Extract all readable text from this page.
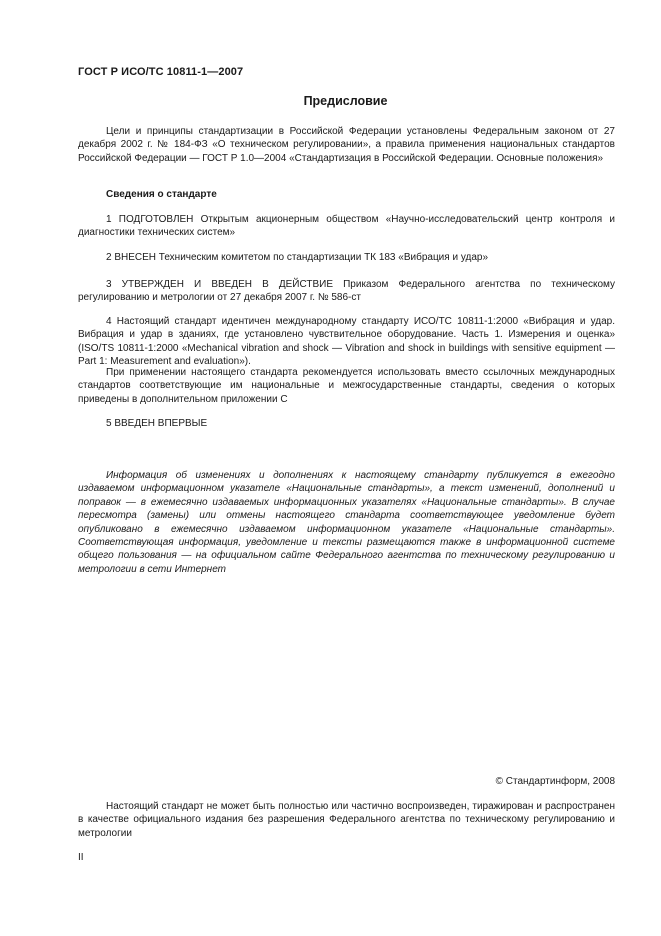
ГОСТ Р ИСО/ТС 10811-1—2007
Предисловие

Цели и принципы стандартизации в Российской Федерации установлены Федеральным законом от 27 декабря 2002 г. № 184-ФЗ «О техническом регулировании», а правила применения национальных стандартов Российской Федерации — ГОСТ Р 1.0—2004 «Стандартизация в Российской Федерации. Основные положения»

Сведения о стандарте

1 ПОДГОТОВЛЕН Открытым акционерным обществом «Научно-исследовательский центр контроля и диагностики технических систем»

2 ВНЕСЕН Техническим комитетом по стандартизации ТК 183 «Вибрация и удар»

3 УТВЕРЖДЕН И ВВЕДЕН В ДЕЙСТВИЕ Приказом Федерального агентства по техническому регулированию и метрологии от 27 декабря 2007 г. № 586-ст

4 Настоящий стандарт идентичен международному стандарту ИСО/ТС 10811-1:2000 «Вибрация и удар. Вибрация и удар в зданиях, где установлено чувствительное оборудование. Часть 1. Измерения и оценка» (ISO/TS 10811-1:2000 «Mechanical vibration and shock — Vibration and shock in buildings with sensitive equipment — Part 1: Measurement and evaluation»).

При применении настоящего стандарта рекомендуется использовать вместо ссылочных международных стандартов соответствующие им национальные и межгосударственные стандарты, сведения о которых приведены в дополнительном приложении С

5 ВВЕДЕН ВПЕРВЫЕ

Информация об изменениях и дополнениях к настоящему стандарту публикуется в ежегодно издаваемом информационном указателе «Национальные стандарты», а текст изменений, дополнений и поправок — в ежемесячно издаваемых информационных указателях «Национальные стандарты». В случае пересмотра (замены) или отмены настоящего стандарта соответствующее уведомление будет опубликовано в ежемесячно издаваемом информационном указателе «Национальные стандарты». Соответствующая информация, уведомление и тексты размещаются также в информационной системе общего пользования — на официальном сайте Федерального агентства по техническому регулированию и метрологии в сети Интернет

© Стандартинформ, 2008

Настоящий стандарт не может быть полностью или частично воспроизведен, тиражирован и распространен в качестве официального издания без разрешения Федерального агентства по техническому регулированию и метрологии

II
